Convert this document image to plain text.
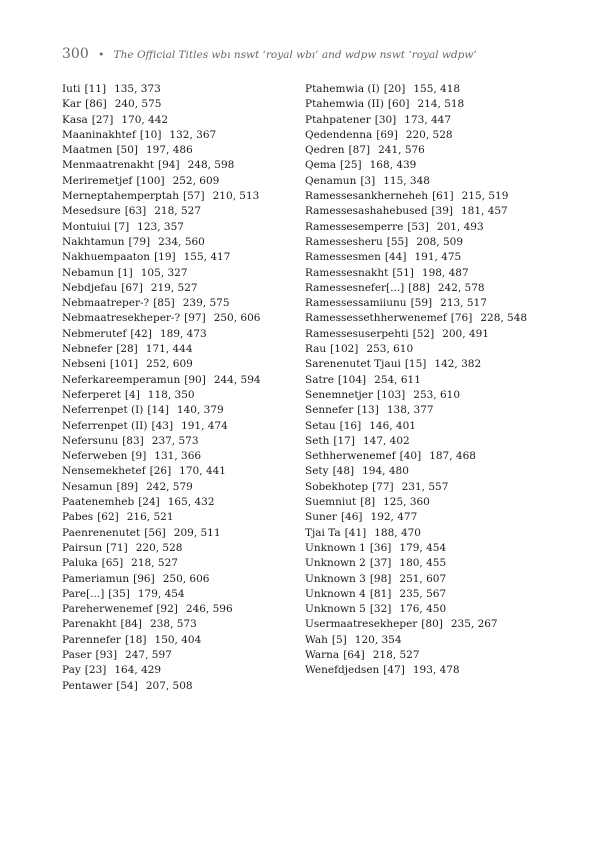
300 • The Official Titles wbı nswt ‘royal wbı’ and wdpw nswt ‘royal wdpw’
Iuti [11] 135, 373
Kar [86] 240, 575
Kasa [27] 170, 442
Maaninakhtef [10] 132, 367
Maatmen [50] 197, 486
Menmaatrenakht [94] 248, 598
Meriremetjef [100] 252, 609
Merneptahemperptah [57] 210, 513
Mesedsure [63] 218, 527
Montuiui [7] 123, 357
Nakhtamun [79] 234, 560
Nakhuempaaton [19] 155, 417
Nebamun [1] 105, 327
Nebdjefau [67] 219, 527
Nebmaatreper-? [85] 239, 575
Nebmaatresekheper-? [97] 250, 606
Nebmerutef [42] 189, 473
Nebnefer [28] 171, 444
Nebseni [101] 252, 609
Neferkareemperamun [90] 244, 594
Neferperet [4] 118, 350
Neferrenpet (I) [14] 140, 379
Neferrenpet (II) [43] 191, 474
Nefersunu [83] 237, 573
Neferweben [9] 131, 366
Nensemekhetef [26] 170, 441
Nesamun [89] 242, 579
Paatenemheb [24] 165, 432
Pabes [62] 216, 521
Paenrenenutet [56] 209, 511
Pairsun [71] 220, 528
Paluka [65] 218, 527
Pameriamun [96] 250, 606
Pare[...] [35] 179, 454
Pareherwenemef [92] 246, 596
Parenakht [84] 238, 573
Parennefer [18] 150, 404
Paser [93] 247, 597
Pay [23] 164, 429
Pentawer [54] 207, 508
Ptahemwia (I) [20] 155, 418
Ptahemwia (II) [60] 214, 518
Ptahpatener [30] 173, 447
Qedendenna [69] 220, 528
Qedren [87] 241, 576
Qema [25] 168, 439
Qenamun [3] 115, 348
Ramessesankherneheh [61] 215, 519
Ramessesashahebused [39] 181, 457
Ramessesemperre [53] 201, 493
Ramessesheru [55] 208, 509
Ramessesmen [44] 191, 475
Ramessesnakht [51] 198, 487
Ramessesnefer[...] [88] 242, 578
Ramessessamiiunu [59] 213, 517
Ramessessethherwenemef [76] 228, 548
Ramessesuserpehti [52] 200, 491
Rau [102] 253, 610
Sarenenutet Tjaui [15] 142, 382
Satre [104] 254, 611
Senemnetjer [103] 253, 610
Sennefer [13] 138, 377
Setau [16] 146, 401
Seth [17] 147, 402
Sethherwenemef [40] 187, 468
Sety [48] 194, 480
Sobekhotep [77] 231, 557
Suemniut [8] 125, 360
Suner [46] 192, 477
Tjai Ta [41] 188, 470
Unknown 1 [36] 179, 454
Unknown 2 [37] 180, 455
Unknown 3 [98] 251, 607
Unknown 4 [81] 235, 567
Unknown 5 [32] 176, 450
Usermaatresekheper [80] 235, 267
Wah [5] 120, 354
Warna [64] 218, 527
Wenefdjedsen [47] 193, 478
